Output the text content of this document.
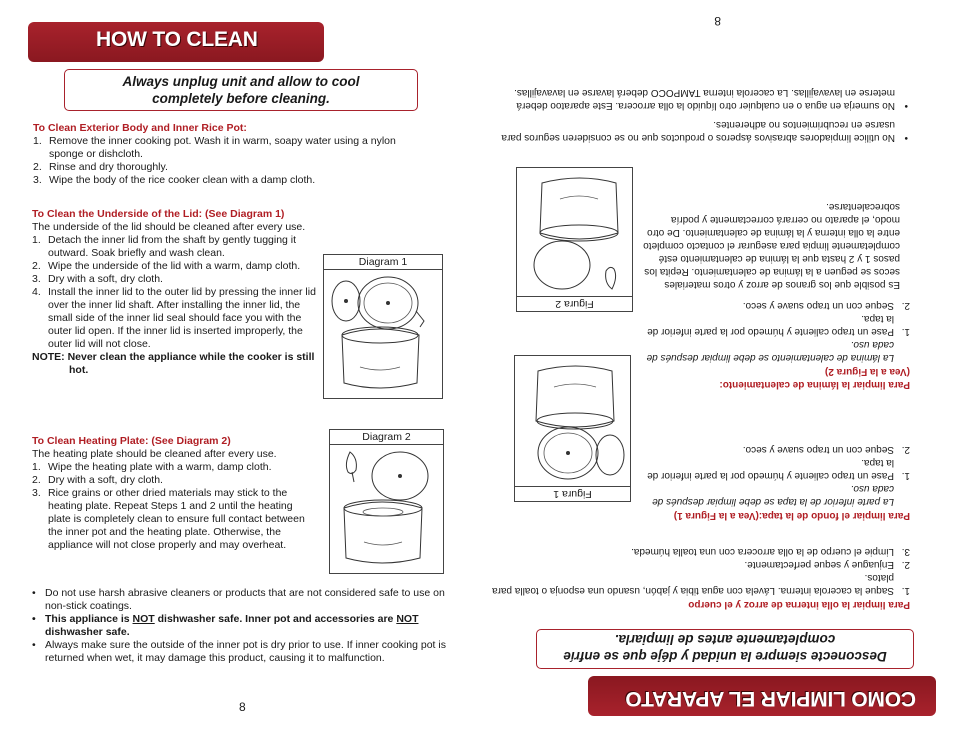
HOW TO CLEAN
Always unplug unit and allow to cool
completely before cleaning.
To Clean Exterior Body and Inner Rice Pot:

1. Remove the inner cooking pot. Wash it in warm, soapy water using a nylon sponge or dishcloth.

2. Rinse and dry thoroughly.

3. Wipe the body of the rice cooker clean with a damp cloth.

To Clean the Underside of the Lid: (See Diagram 1)

The underside of the lid should be cleaned after every use.

1. Detach the inner lid from the shaft by gently tugging it outward. Soak briefly and wash clean.

2. Wipe the underside of the lid with a warm, damp cloth.

3. Dry with a soft, dry cloth.

4. Install the inner lid to the outer lid by pressing the inner lid over the inner lid shaft. After installing the inner lid, the small side of the inner lid seal should face you with the outer lid open. If the inner lid is inserted improperly, the outer lid will not close.

NOTE: Never clean the appliance while the cooker is still hot.

Diagram 1
To Clean Heating Plate: (See Diagram 2)

The heating plate should be cleaned after every use.

1. Wipe the heating plate with a warm, damp cloth.

2. Dry with a soft, dry cloth.

3. Rice grains or other dried materials may stick to the heating plate. Repeat Steps 1 and 2 until the heating plate is completely clean to ensure full contact between the inner pot and the heating plate. Otherwise, the appliance will not close properly and may overheat.

Diagram 2

• Do not use harsh abrasive cleaners or products that are not considered safe to use on non-stick coatings.

• This appliance is NOT dishwasher safe. Inner pot and accessories are NOT dishwasher safe.

• Always make sure the outside of the inner pot is dry prior to use. If inner cooking pot is returned when wet, it may damage this product, causing it to malfunction.

8	COMO LIMPIAR EL APARATO
Desconecte siempre la unidad y déje que se enfríe
completamente antes de limpiarla.
Para limpiar la olla interna de arroz y el cuerpo

1.Saque la cacerola interna. Lávela con agua tibia y jabón, usando una esponja o toalla para platos.

2.Enjuague y seque perfectamente.

3.Limpie el cuerpo de la olla arrocera con una toalla húmeda.

Para limpiar el fondo de la tapa:(Vea a la Figura 1)

La parte inferior de la tapa se debe limpiar después de cada uso.

1.Pase un trapo caliente y húmedo por la parte inferior de la tapa.

2.Seque con un trapo suave y seco.

Figura 1
Para limpiar la lámina de calentamiento:
(Vea a la Figura 2)

La lámina de calentamiento se debe limpiar después de cada uso.

1.Pase un trapo caliente y húmedo por la parte inferior de la tapa.

2.Seque con un trapo suave y seco.

Es posible que los granos de arroz y otros materiales secos se peguen a la lámina de calentamiento. Repita los pasos 1 y 2 hasta que la lámina de calentamiento esté completamente limpia para asegurar el contacto completo entre la olla interna y la lámina de calentamiento. De otro modo, el aparato no cerrará correctamente y podría sobrecalentarse.

Figura 2

•No utilice limpiadores abrasivos ásperos o productos que no se consideren seguros para usarse en recubrimientos no adherentes.

•No sumerja en agua o en cualquier otro líquido la olla arrocera. Este aparatoo deberá meterse en lavavajillas. La cacerola interna TAMPOCO deberá lavarse en lavavajillas.

8
